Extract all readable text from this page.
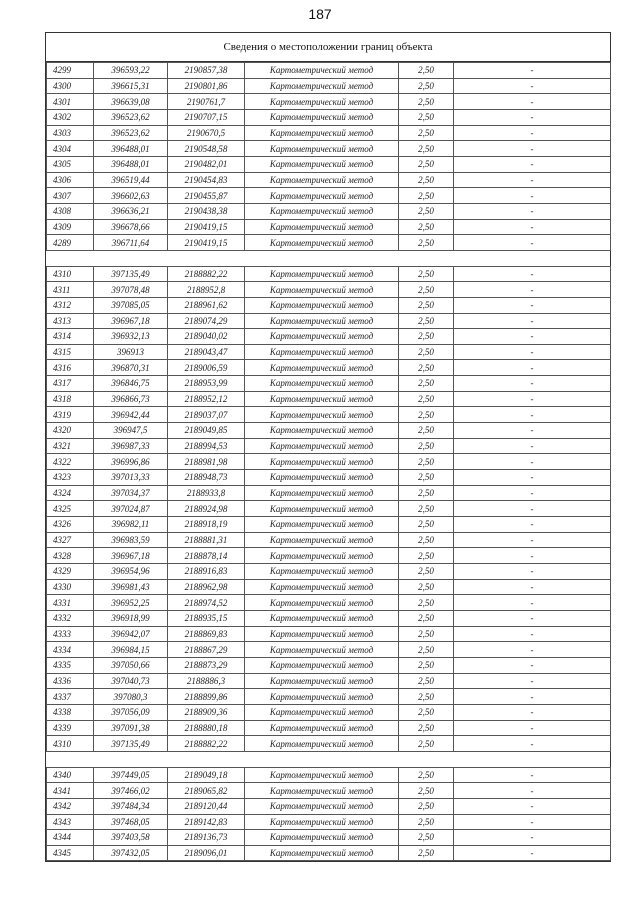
187
Сведения о местоположении границ объекта
4299	396593,22	2190857,38	Картометрический метод	2,50	-
4300	396615,31	2190801,86	Картометрический метод	2,50	-
4301	396639,08	2190761,7	Картометрический метод	2,50	-
4302	396523,62	2190707,15	Картометрический метод	2,50	-
4303	396523,62	2190670,5	Картометрический метод	2,50	-
4304	396488,01	2190548,58	Картометрический метод	2,50	-
4305	396488,01	2190482,01	Картометрический метод	2,50	-
4306	396519,44	2190454,83	Картометрический метод	2,50	-
4307	396602,63	2190455,87	Картометрический метод	2,50	-
4308	396636,21	2190438,38	Картометрический метод	2,50	-
4309	396678,66	2190419,15	Картометрический метод	2,50	-
4289	396711,64	2190419,15	Картометрический метод	2,50	-

4310	397135,49	2188882,22	Картометрический метод	2,50	-
4311	397078,48	2188952,8	Картометрический метод	2,50	-
4312	397085,05	2188961,62	Картометрический метод	2,50	-
4313	396967,18	2189074,29	Картометрический метод	2,50	-
4314	396932,13	2189040,02	Картометрический метод	2,50	-
4315	396913	2189043,47	Картометрический метод	2,50	-
4316	396870,31	2189006,59	Картометрический метод	2,50	-
4317	396846,75	2188953,99	Картометрический метод	2,50	-
4318	396866,73	2188952,12	Картометрический метод	2,50	-
4319	396942,44	2189037,07	Картометрический метод	2,50	-
4320	396947,5	2189049,85	Картометрический метод	2,50	-
4321	396987,33	2188994,53	Картометрический метод	2,50	-
4322	396996,86	2188981,98	Картометрический метод	2,50	-
4323	397013,33	2188948,73	Картометрический метод	2,50	-
4324	397034,37	2188933,8	Картометрический метод	2,50	-
4325	397024,87	2188924,98	Картометрический метод	2,50	-
4326	396982,11	2188918,19	Картометрический метод	2,50	-
4327	396983,59	2188881,31	Картометрический метод	2,50	-
4328	396967,18	2188878,14	Картометрический метод	2,50	-
4329	396954,96	2188916,83	Картометрический метод	2,50	-
4330	396981,43	2188962,98	Картометрический метод	2,50	-
4331	396952,25	2188974,52	Картометрический метод	2,50	-
4332	396918,99	2188935,15	Картометрический метод	2,50	-
4333	396942,07	2188869,83	Картометрический метод	2,50	-
4334	396984,15	2188867,29	Картометрический метод	2,50	-
4335	397050,66	2188873,29	Картометрический метод	2,50	-
4336	397040,73	2188886,3	Картометрический метод	2,50	-
4337	397080,3	2188899,86	Картометрический метод	2,50	-
4338	397056,09	2188909,36	Картометрический метод	2,50	-
4339	397091,38	2188880,18	Картометрический метод	2,50	-
4310	397135,49	2188882,22	Картометрический метод	2,50	-

4340	397449,05	2189049,18	Картометрический метод	2,50	-
4341	397466,02	2189065,82	Картометрический метод	2,50	-
4342	397484,34	2189120,44	Картометрический метод	2,50	-
4343	397468,05	2189142,83	Картометрический метод	2,50	-
4344	397403,58	2189136,73	Картометрический метод	2,50	-
4345	397432,05	2189096,01	Картометрический метод	2,50	-
